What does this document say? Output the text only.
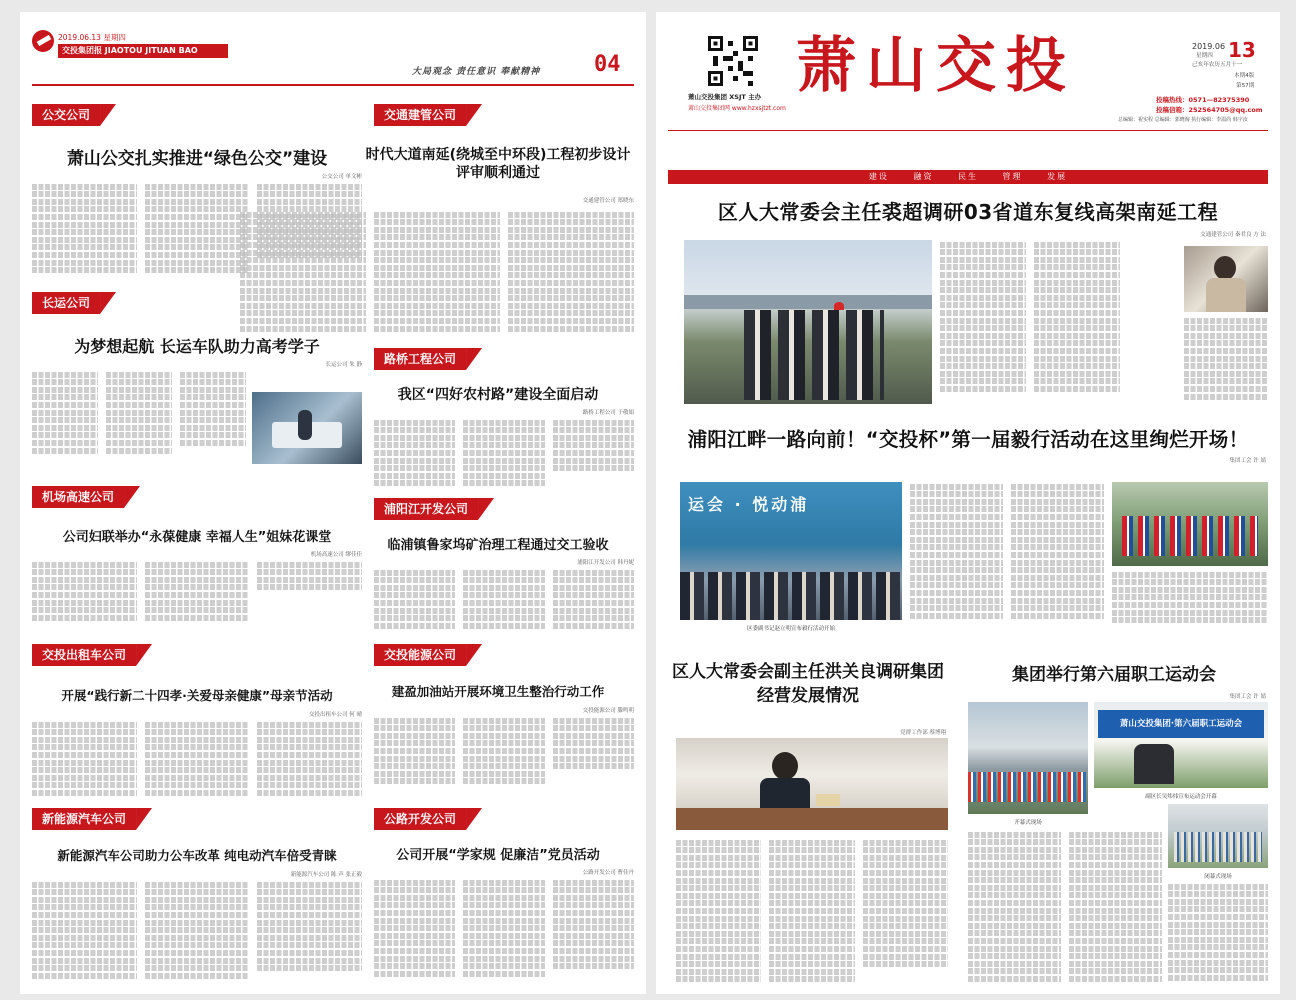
2019.06.13 星期四
交投集团报 JIAOTOU JITUAN BAO
大局观念 责任意识 奉献精神 04
公交公司
萧山公交扎实推进“绿色公交”建设
公交公司 单文彬
长运公司
为梦想起航 长运车队助力高考学子
长运公司 朱 静
机场高速公司
公司妇联举办“永葆健康 幸福人生”姐妹花课堂
机场高速公司 缪佳佳
交投出租车公司
开展“践行新二十四孝·关爱母亲健康”母亲节活动
交投出租车公司 何 晴
新能源汽车公司
新能源汽车公司助力公车改革 纯电动汽车倍受青睐
新能源汽车公司 陈 声 张正毅
交通建管公司
时代大道南延(绕城至中环段)工程初步设计评审顺利通过
交通建管公司 郑晓东
路桥工程公司
我区“四好农村路”建设全面启动
路桥工程公司 于敬娟
浦阳江开发公司
临浦镇鲁家坞矿治理工程通过交工验收
浦阳江开发公司 韩丹妮
交投能源公司
建盈加油站开展环境卫生整治行动工作
交投能源公司 滕鸣明
公路开发公司
公司开展“学家规 促廉洁”党员活动
公路开发公司 曹佳丹
萧山交投集团 XSJT 主办
萧山交投集团网 www.hzxsjtzt.com
萧山交投	2019.06 13
星期四
己亥年农历五月十一
本期4版
第57期
投稿热线：0571—82375390
投稿信箱：252564705@qq.com
总编辑：祝实程 总编辑：郭晓淘 执行编辑：李温尚 韩宇汝
建设 融资 民生 管理 发展
区人大常委会主任裘超调研03省道东复线高架南延工程
交通建管公司 秦君良 方 法
浦阳江畔一路向前！“交投杯”第一届毅行活动在这里绚烂开场！
集团工会 许 婧
运会 · 悦动浦
区委副书记赵立明宣布毅行活动开始
区人大常委会副主任洪关良调研集团经营发展情况
党群工作部 蔡博翔
集团举行第六届职工运动会
集团工会 许 婧
开幕式现场
萧山交投集团·第六届职工运动会
副区长吴炜炜宣布运动会开幕
闭幕式现场
